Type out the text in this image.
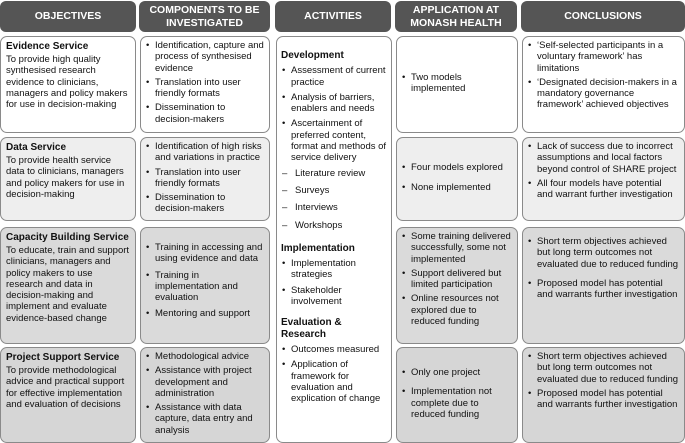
OBJECTIVES
COMPONENTS TO BE INVESTIGATED
ACTIVITIES
APPLICATION AT MONASH HEALTH
CONCLUSIONS
Evidence Service
To provide high quality synthesised research evidence to clinicians, managers and policy makers for use in decision-making
• Identification, capture and process of synthesised evidence
• Translation into user friendly formats
• Dissemination to decision-makers
• Two models implemented
• ‘Self-selected participants in a voluntary framework’ has limitations
• ‘Designated decision-makers in a mandatory governance framework’ achieved objectives
Data Service
To provide health service data to clinicians, managers and policy makers for use in decision-making
• Identification of high risks and variations in practice
• Translation into user friendly formats
• Dissemination to decision-makers
• Four models explored
• None implemented
• Lack of success due to incorrect assumptions and local factors beyond control of SHARE project
• All four models have potential and warrant further investigation
Capacity Building Service
To educate, train and support clinicians, managers and policy makers to use research and data in decision-making and implement and evaluate evidence-based change
• Training in accessing and using evidence and data
• Training in implementation and evaluation
• Mentoring and support
• Some training delivered successfully, some not implemented
• Support delivered but limited participation
• Online resources not explored due to reduced funding
• Short term objectives achieved but long term outcomes not evaluated due to reduced funding
• Proposed model has potential and warrants further investigation
Project Support Service
To provide methodological advice and practical support for effective implementation and evaluation of decisions
• Methodological advice
• Assistance with project development and administration
• Assistance with data capture, data entry and analysis
• Only one project
• Implementation not complete due to reduced funding
• Short term objectives achieved but long term outcomes not evaluated due to reduced funding
• Proposed model has potential and warrants further investigation
Development
• Assessment of current practice
• Analysis of barriers, enablers and needs
• Ascertainment of preferred content, format and methods of service delivery
– Literature review
– Surveys
– Interviews
– Workshops
Implementation
• Implementation strategies
• Stakeholder involvement
Evaluation & Research
• Outcomes measured
• Application of framework for evaluation and explication of change
